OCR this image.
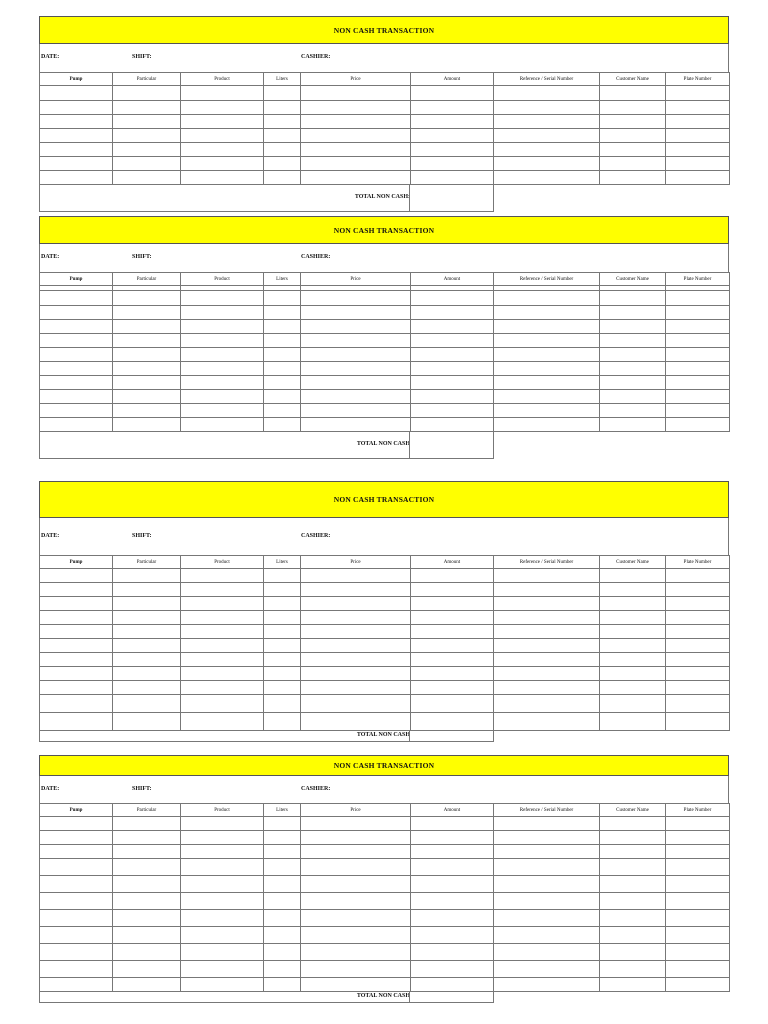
NON CASH TRANSACTION
DATE:	SHIFT:	CASHIER:
Pump	Particular	Product	Liters	Price	Amount	Reference / Serial Number	Customer Name	Plate Number

TOTAL NON CASH:
NON CASH TRANSACTION
DATE:	SHIFT:	CASHIER:
Pump	Particular	Product	Liters	Price	Amount	Reference / Serial Number	Customer Name	Plate Number

TOTAL NON CASH
NON CASH TRANSACTION
DATE:	SHIFT:	CASHIER:
Pump	Particular	Product	Liters	Price	Amount	Reference / Serial Number	Customer Name	Plate Number

TOTAL NON CASH
NON CASH TRANSACTION
DATE:	SHIFT:	CASHIER:
Pump	Particular	Product	Liters	Price	Amount	Reference / Serial Number	Customer Name	Plate Number

TOTAL NON CASH
